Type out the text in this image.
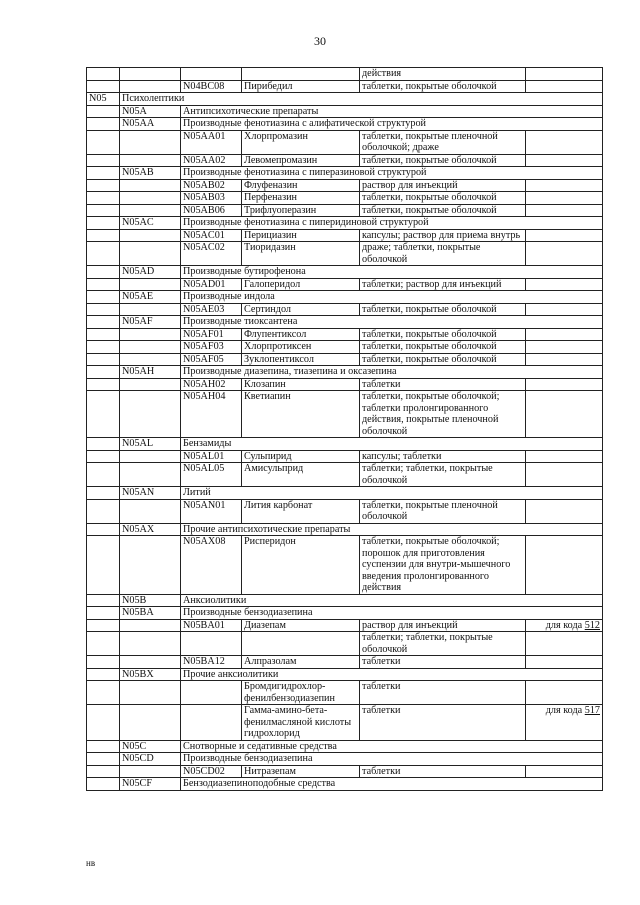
30
				действия	
		N04BC08	Пирибедил	таблетки, покрытые оболочкой	
N05	Психолептики				
	N05A	Антипсихотические препараты			
	N05AA	Производные фенотиазина с алифатической структурой			
		N05AA01	Хлорпромазин	таблетки, покрытые пленочной оболочкой; драже	
		N05AA02	Левомепромазин	таблетки, покрытые оболочкой	
	N05AB	Производные фенотиазина с пиперазиновой структурой			
		N05AB02	Флуфеназин	раствор для инъекций	
		N05AB03	Перфеназин	таблетки, покрытые оболочкой	
		N05AB06	Трифлуоперазин	таблетки, покрытые оболочкой	
	N05AC	Производные фенотиазина с пиперидиновой структурой			
		N05AC01	Перициазин	капсулы; раствор для приема внутрь	
		N05AC02	Тиоридазин	драже; таблетки, покрытые оболочкой	
	N05AD	Производные бутирофенона			
		N05AD01	Галоперидол	таблетки; раствор для инъекций	
	N05AE	Производные индола			
		N05AE03	Сертиндол	таблетки, покрытые оболочкой	
	N05AF	Производные тиоксантена			
		N05AF01	Флупентиксол	таблетки, покрытые оболочкой	
		N05AF03	Хлорпротиксен	таблетки, покрытые оболочкой	
		N05AF05	Зуклопентиксол	таблетки, покрытые оболочкой	
	N05AH	Производные диазепина, тиазепина и оксазепина			
		N05AH02	Клозапин	таблетки	
		N05AH04	Кветиапин	таблетки, покрытые оболочкой; таблетки пролонгированного действия, покрытые пленочной оболочкой	
	N05AL	Бензамиды			
		N05AL01	Сульпирид	капсулы; таблетки	
		N05AL05	Амисульприд	таблетки; таблетки, покрытые оболочкой	
	N05AN	Литий			
		N05AN01	Лития карбонат	таблетки, покрытые пленочной оболочкой	
	N05AX	Прочие антипсихотические препараты			
		N05AX08	Рисперидон	таблетки, покрытые оболочкой; порошок для приготовления суспензии для внутри-мышечного введения пролонгированного действия	
	N05B	Анксиолитики			
	N05BA	Производные бензодиазепина			
		N05BA01	Диазепам	раствор для инъекций	для кода 512
				таблетки; таблетки, покрытые оболочкой	
		N05BA12	Алпразолам	таблетки	
	N05BX	Прочие анксиолитики			
			Бромдигидрохлор-фенилбензодиазепин	таблетки	
			Гамма-амино-бета-фенилмасляной кислоты гидрохлорид	таблетки	для кода 517
	N05C	Снотворные и седативные средства			
	N05CD	Производные бензодиазепина			
		N05CD02	Нитразепам	таблетки	
	N05CF	Бензодиазепиноподобные средства			
нв
